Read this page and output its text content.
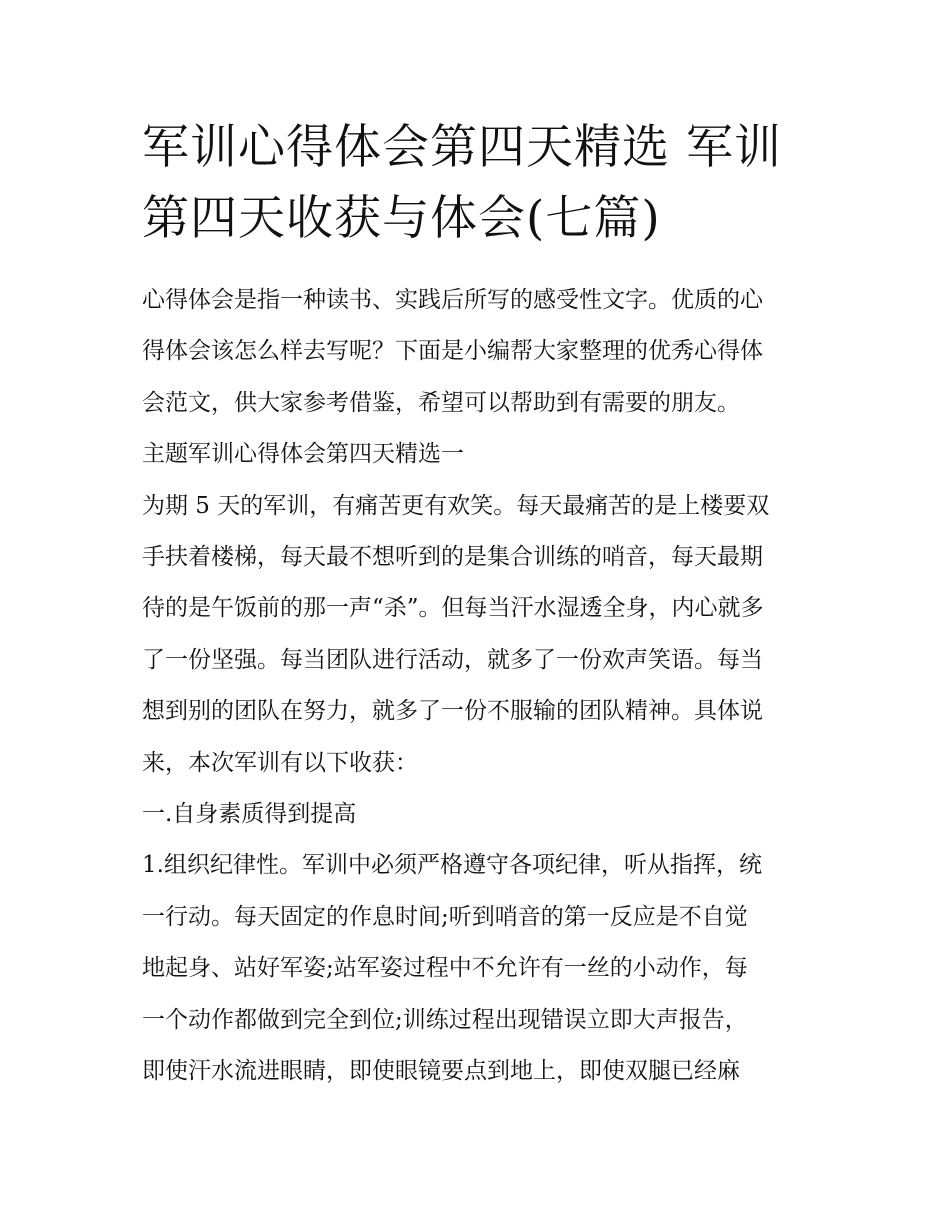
军训心得体会第四天精选 军训
第四天收获与体会(七篇)

心得体会是指一种读书、实践后所写的感受性文字。优质的心

得体会该怎么样去写呢？下面是小编帮大家整理的优秀心得体

会范文，供大家参考借鉴，希望可以帮助到有需要的朋友。

主题军训心得体会第四天精选一

为期 5 天的军训，有痛苦更有欢笑。每天最痛苦的是上楼要双

手扶着楼梯，每天最不想听到的是集合训练的哨音，每天最期

待的是午饭前的那一声“杀”。但每当汗水湿透全身，内心就多

了一份坚强。每当团队进行活动，就多了一份欢声笑语。每当

想到别的团队在努力，就多了一份不服输的团队精神。具体说

来，本次军训有以下收获：

一.自身素质得到提高

1.组织纪律性。军训中必须严格遵守各项纪律，听从指挥，统

一行动。每天固定的作息时间;听到哨音的第一反应是不自觉

地起身、站好军姿;站军姿过程中不允许有一丝的小动作，每

一个动作都做到完全到位;训练过程出现错误立即大声报告，

即使汗水流进眼睛，即使眼镜要点到地上，即使双腿已经麻
